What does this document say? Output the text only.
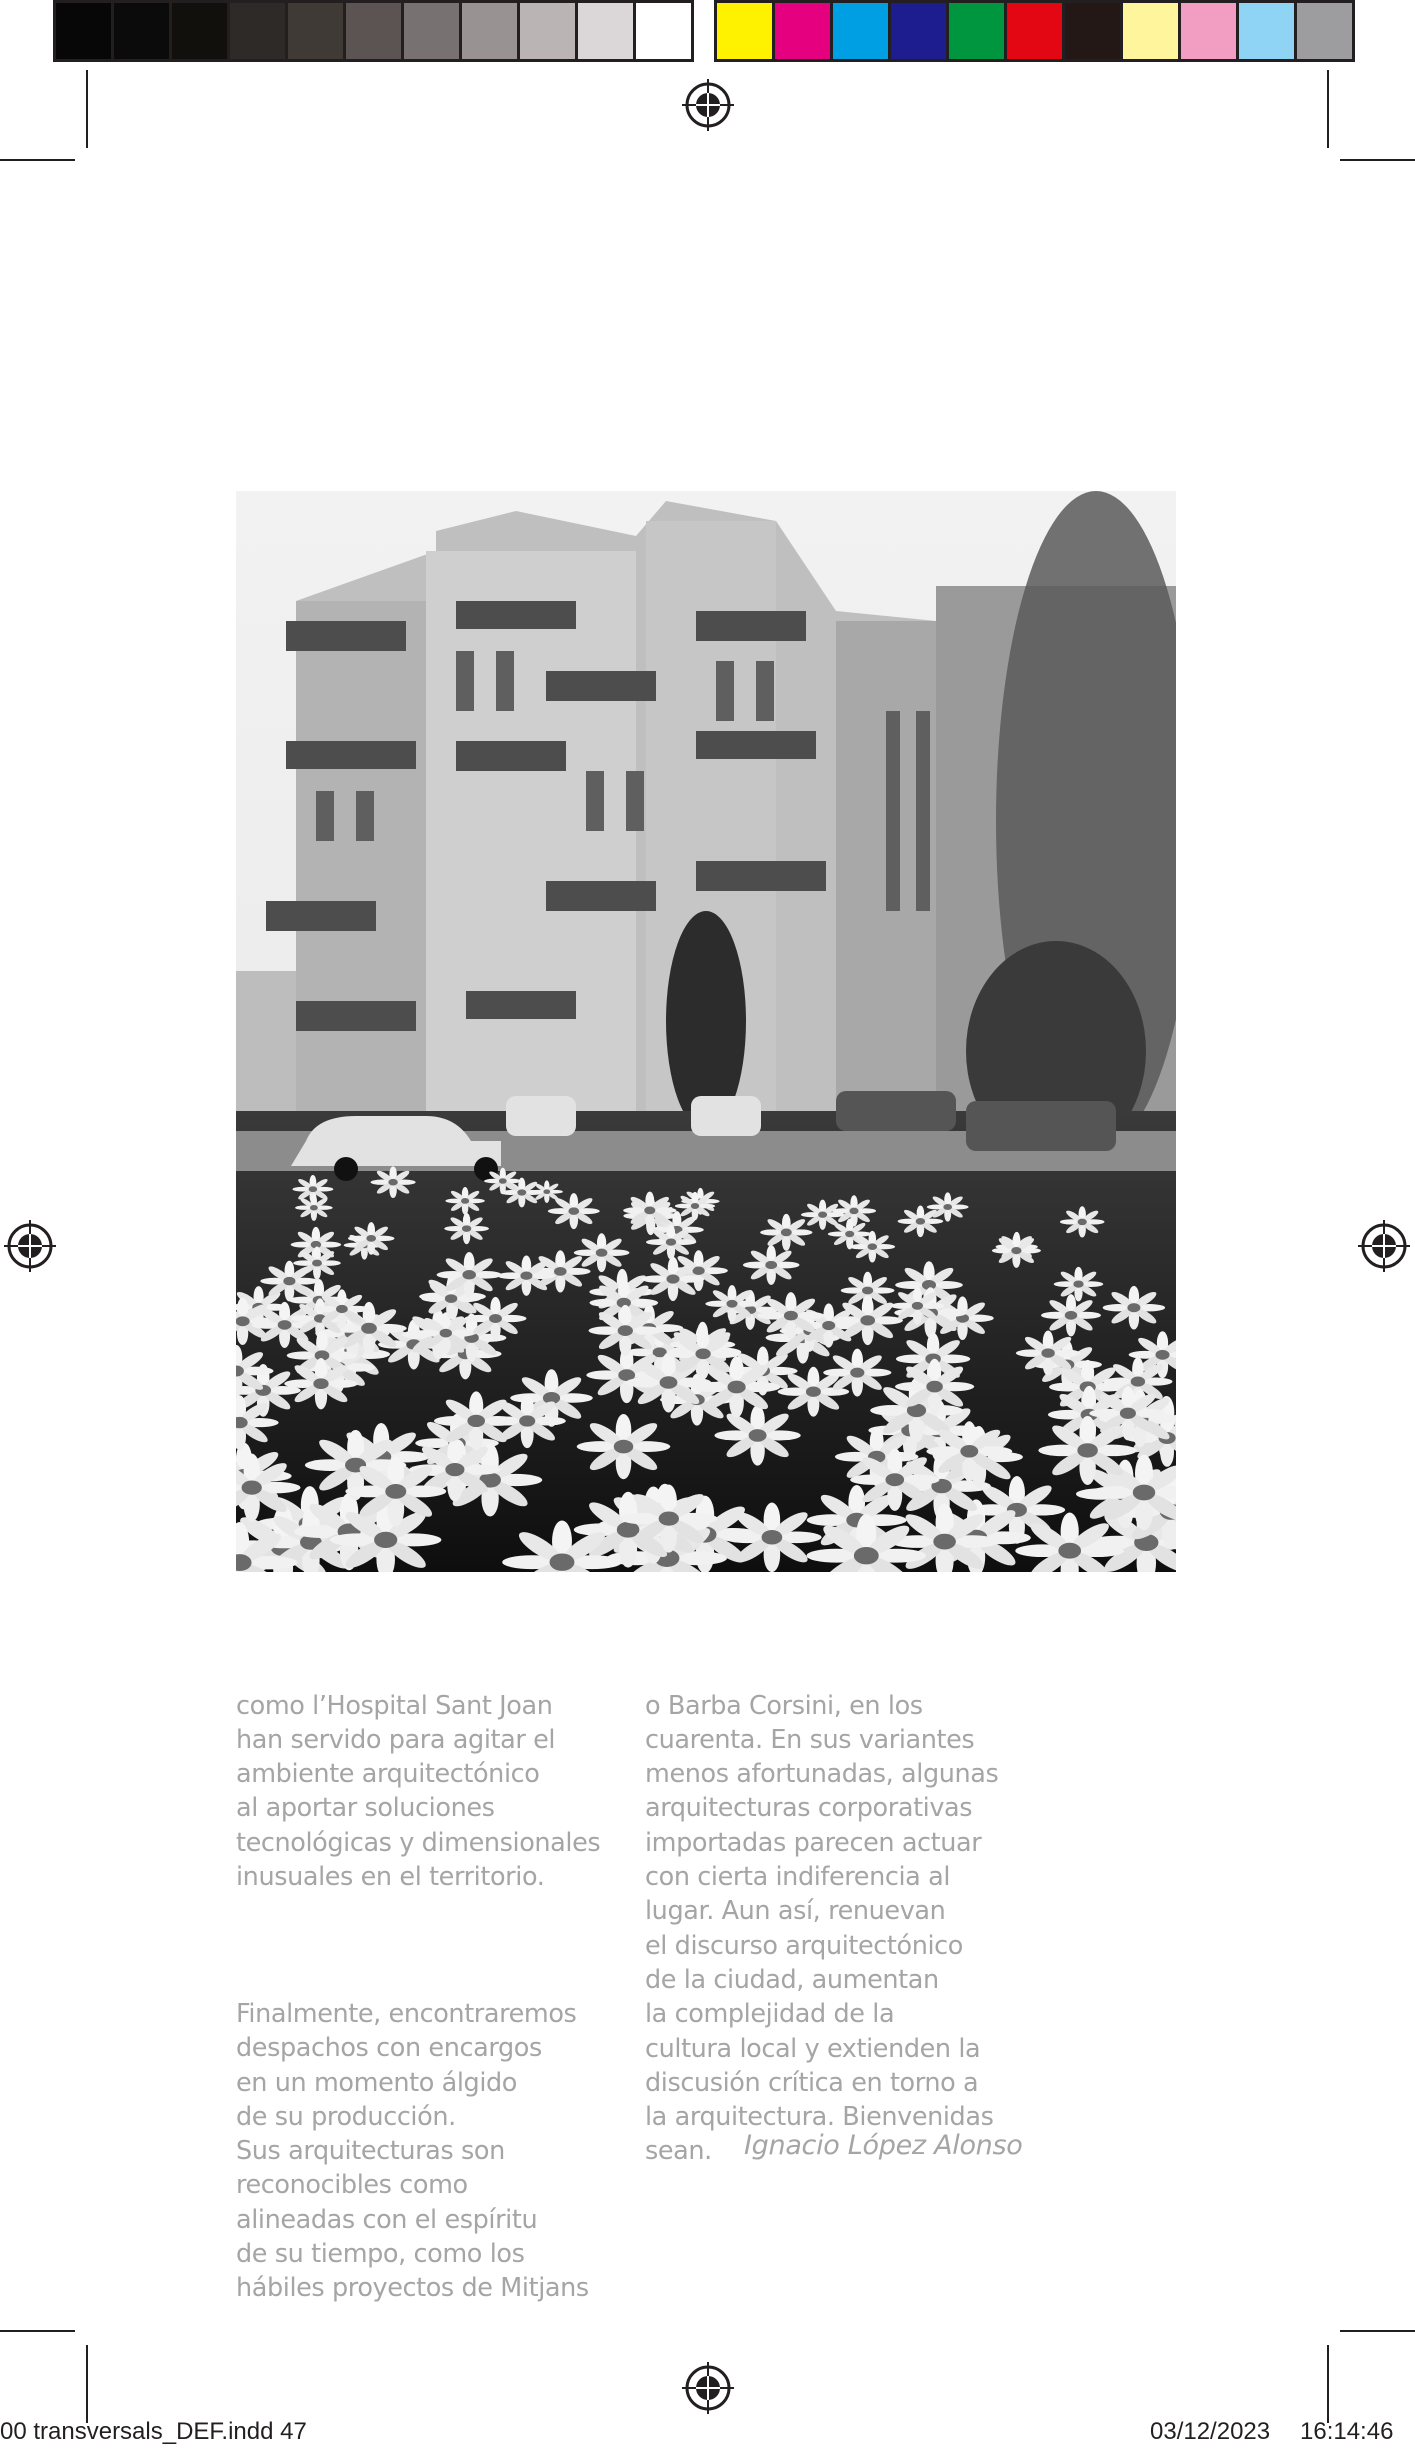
como l’Hospital Sant Joan
han servido para agitar el
ambiente arquitectónico
al aportar soluciones
tecnológicas y dimensionales
inusuales en el territorio.

Finalmente, encontraremos
despachos con encargos
en un momento álgido
de su producción.
Sus arquitecturas son
reconocibles como
alineadas con el espíritu
de su tiempo, como los
hábiles proyectos de Mitjans

o Barba Corsini, en los
cuarenta. En sus variantes
menos afortunadas, algunas
arquitecturas corporativas
importadas parecen actuar
con cierta indiferencia al
lugar. Aun así, renuevan
el discurso arquitectónico
de la ciudad, aumentan
la complejidad de la
cultura local y extienden la
discusión crítica en torno a
la arquitectura. Bienvenidas
sean.	Ignacio López Alonso
00 transversals_DEF.indd 47	03/12/2023 16:14:46
